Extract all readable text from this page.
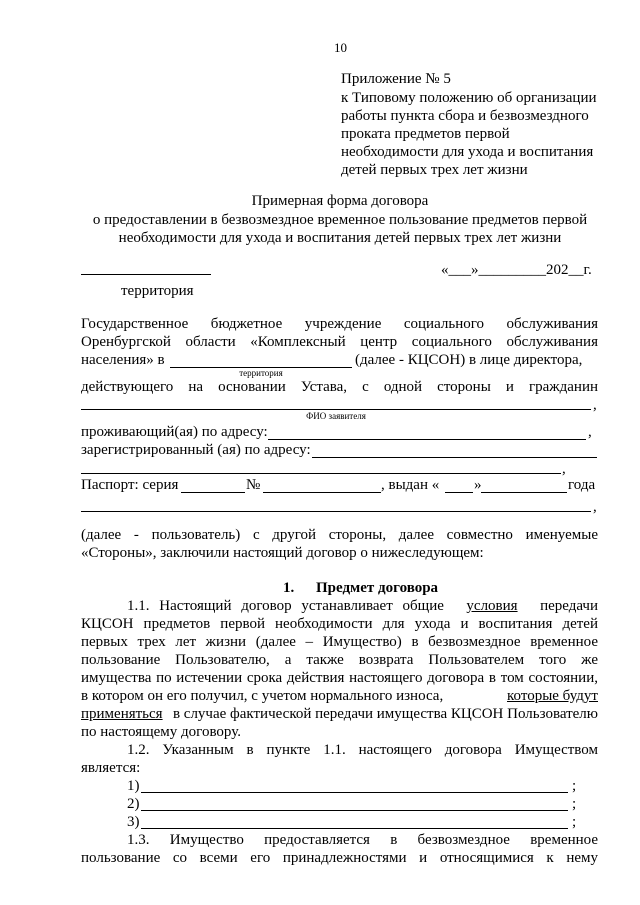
10
Приложение № 5
к Типовому положению об организации
работы пункта сбора и безвозмездного
проката предметов первой
необходимости для ухода и воспитания
детей первых трех лет жизни
Примерная форма договора
о предоставлении в безвозмездное временное пользование предметов первой
необходимости для ухода и воспитания детей первых трех лет жизни
территория
«___»_________202__г.
Государственное бюджетное учреждение социального обслуживания
Оренбургской области «Комплексный центр социального обслуживания
населения» в	(далее - КЦСОН) в лице директора,
территория
действующего на основании Устава, с одной стороны и гражданин
,
ФИО заявителя
проживающий(ая) по адресу:	,
зарегистрированный (ая) по адресу:
,
Паспорт: серия	№	, выдан « »	года
,
(далее - пользователь) с другой стороны, далее совместно именуемые
«Стороны», заключили настоящий договор о нижеследующем:
1. Предмет договора
1.1. Настоящий договор устанавливает общие условия передачи
КЦСОН предметов первой необходимости для ухода и воспитания детей
первых трех лет жизни (далее – Имущество) в безвозмездное временное
пользование Пользователю, а также возврата Пользователем того же
имущества по истечении срока действия настоящего договора в том состоянии,
в котором он его получил, с учетом нормального износа,	которые будут
применяться в случае фактической передачи имущества КЦСОН Пользователю
по настоящему договору.
1.2. Указанным в пункте 1.1. настоящего договора Имуществом
является:
1)	;
2)	;
3)	;
1.3. Имущество предоставляется в безвозмездное временное
пользование со всеми его принадлежностями и относящимися к нему
